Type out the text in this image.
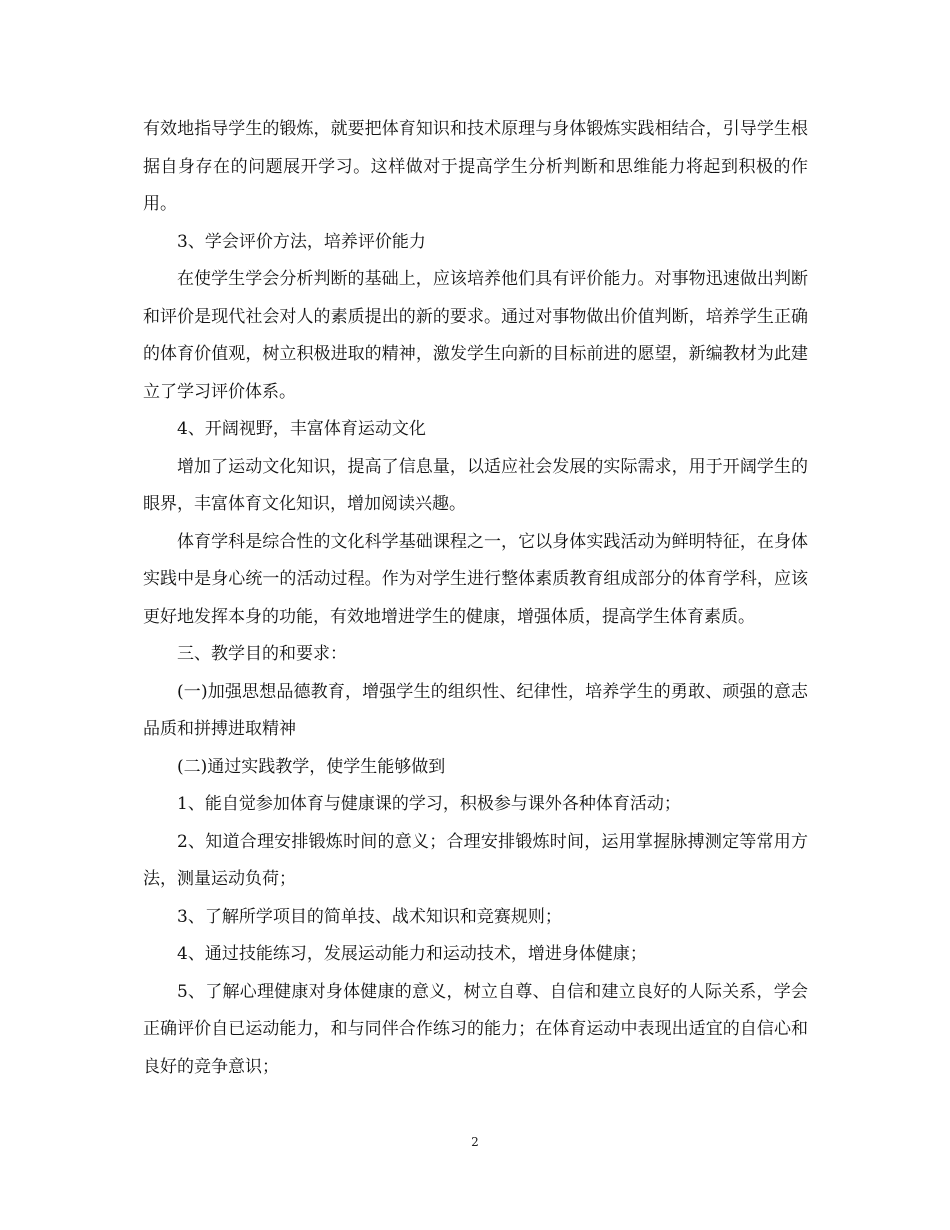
有效地指导学生的锻炼，就要把体育知识和技术原理与身体锻炼实践相结合，引导学生根据自身存在的问题展开学习。这样做对于提高学生分析判断和思维能力将起到积极的作用。

3、学会评价方法，培养评价能力

在使学生学会分析判断的基础上，应该培养他们具有评价能力。对事物迅速做出判断和评价是现代社会对人的素质提出的新的要求。通过对事物做出价值判断，培养学生正确的体育价值观，树立积极进取的精神，激发学生向新的目标前进的愿望，新编教材为此建立了学习评价体系。

4、开阔视野，丰富体育运动文化

增加了运动文化知识，提高了信息量，以适应社会发展的实际需求，用于开阔学生的眼界，丰富体育文化知识，增加阅读兴趣。

体育学科是综合性的文化科学基础课程之一，它以身体实践活动为鲜明特征，在身体实践中是身心统一的活动过程。作为对学生进行整体素质教育组成部分的体育学科，应该更好地发挥本身的功能，有效地增进学生的健康，增强体质，提高学生体育素质。

三、教学目的和要求：

(一)加强思想品德教育，增强学生的组织性、纪律性，培养学生的勇敢、顽强的意志品质和拼搏进取精神

(二)通过实践教学，使学生能够做到

1、能自觉参加体育与健康课的学习，积极参与课外各种体育活动；

2、知道合理安排锻炼时间的意义；合理安排锻炼时间，运用掌握脉搏测定等常用方法，测量运动负荷；

3、了解所学项目的简单技、战术知识和竞赛规则；

4、通过技能练习，发展运动能力和运动技术，增进身体健康；

5、了解心理健康对身体健康的意义，树立自尊、自信和建立良好的人际关系，学会正确评价自已运动能力，和与同伴合作练习的能力；在体育运动中表现出适宜的自信心和良好的竞争意识；

2
